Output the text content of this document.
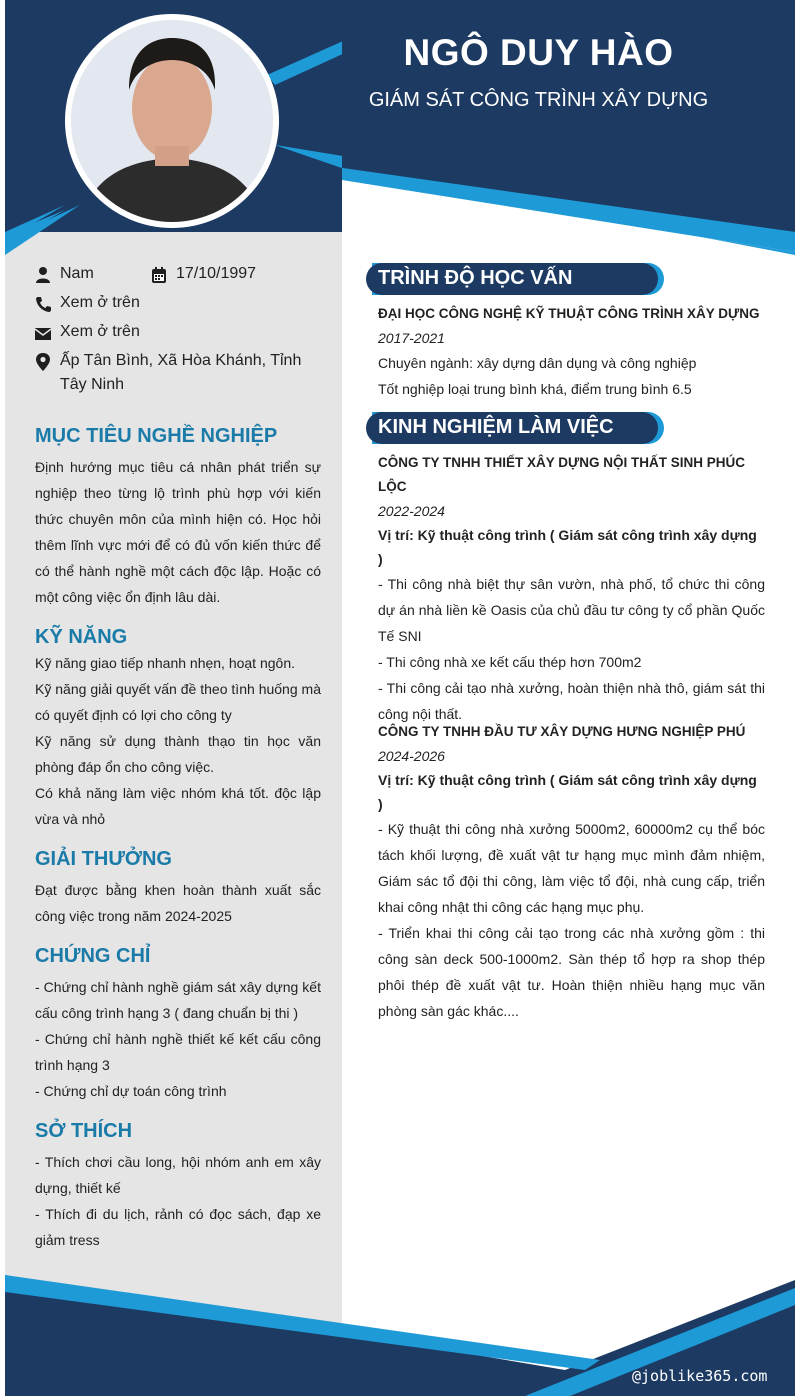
NGÔ DUY HÀO

GIÁM SÁT CÔNG TRÌNH XÂY DỰNG

Nam	17/10/1997
Xem ở trên
Xem ở trên
Ấp Tân Bình, Xã Hòa Khánh, Tỉnh Tây Ninh
MỤC TIÊU NGHỀ NGHIỆP

Định hướng mục tiêu cá nhân phát triển sự nghiệp theo từng lộ trình phù hợp với kiến thức chuyên môn của mình hiện có. Học hỏi thêm lĩnh vực mới để có đủ vốn kiến thức để có thể hành nghề một cách độc lập. Hoặc có một công việc ổn định lâu dài.

KỸ NĂNG

Kỹ năng giao tiếp nhanh nhẹn, hoạt ngôn.

Kỹ năng giải quyết vấn đề theo tình huống mà có quyết định có lợi cho công ty

Kỹ năng sử dụng thành thạo tin học văn phòng đáp ổn cho công việc.

Có khả năng làm việc nhóm khá tốt. độc lập vừa và nhỏ

GIẢI THƯỞNG

Đạt được bằng khen hoàn thành xuất sắc công việc trong năm 2024-2025

CHỨNG CHỈ

- Chứng chỉ hành nghề giám sát xây dựng kết cấu công trình hạng 3 ( đang chuẩn bị thi )

- Chứng chỉ hành nghề thiết kế kết cấu công trình hạng 3

- Chứng chỉ dự toán công trình

SỞ THÍCH

- Thích chơi cầu long, hội nhóm anh em xây dựng, thiết kế

- Thích đi du lịch, rảnh có đọc sách, đạp xe giảm tress

TRÌNH ĐỘ HỌC VẤN

ĐẠI HỌC CÔNG NGHỆ KỸ THUẬT CÔNG TRÌNH XÂY DỰNG

2017-2021

Chuyên ngành: xây dựng dân dụng và công nghiệp

Tốt nghiệp loại trung bình khá, điểm trung bình 6.5

KINH NGHIỆM LÀM VIỆC

CÔNG TY TNHH THIẾT XÂY DỰNG NỘI THẤT SINH PHÚC LỘC

2022-2024

Vị trí: Kỹ thuật công trình ( Giám sát công trình xây dựng )

- Thi công nhà biệt thự sân vườn, nhà phố, tổ chức thi công dự án nhà liền kề Oasis của chủ đầu tư công ty cổ phần Quốc Tế SNI

- Thi công nhà xe kết cấu thép hơn 700m2

- Thi công cải tạo nhà xưởng, hoàn thiện nhà thô, giám sát thi công nội thất.

CÔNG TY TNHH ĐẦU TƯ XÂY DỰNG HƯNG NGHIỆP PHÚ

2024-2026

Vị trí: Kỹ thuật công trình ( Giám sát công trình xây dựng )

- Kỹ thuật thi công nhà xưởng 5000m2, 60000m2 cụ thể bóc tách khối lượng, đề xuất vật tư hạng mục mình đảm nhiệm, Giám sác tổ đội thi công, làm việc tổ đội, nhà cung cấp, triển khai công nhật thi công các hạng mục phụ.

- Triển khai thi công cải tạo trong các nhà xưởng gồm : thi công sàn deck 500-1000m2. Sàn thép tổ hợp ra shop thép phôi thép đề xuất vật tư. Hoàn thiện nhiều hạng mục văn phòng sàn gác khác....

@joblike365.com
